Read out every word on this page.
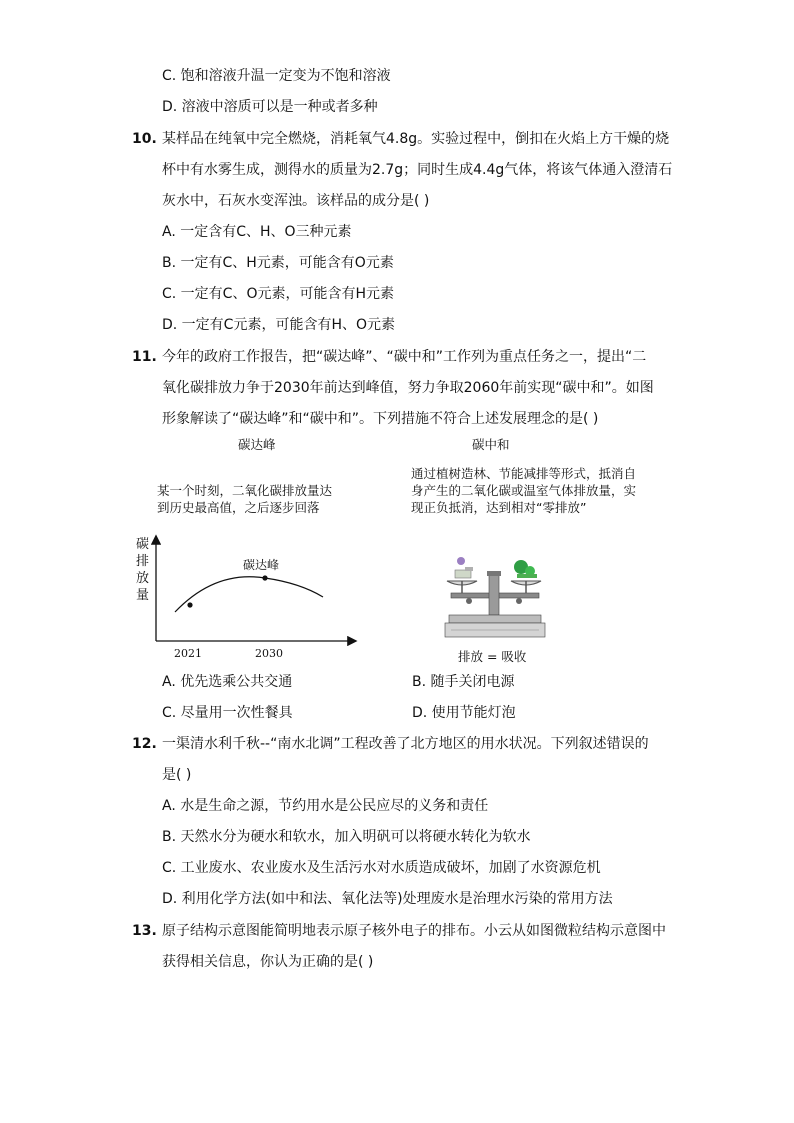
C. 饱和溶液升温一定变为不饱和溶液
D. 溶液中溶质可以是一种或者多种
10. 某样品在纯氧中完全燃烧，消耗氧气4.8g。实验过程中，倒扣在火焰上方干燥的烧
杯中有水雾生成，测得水的质量为2.7g；同时生成4.4g气体，将该气体通入澄清石
灰水中，石灰水变浑浊。该样品的成分是( )
A. 一定含有C、H、O三种元素
B. 一定有C、H元素，可能含有O元素
C. 一定有C、O元素，可能含有H元素
D. 一定有C元素，可能含有H、O元素
11. 今年的政府工作报告，把“碳达峰”、“碳中和”工作列为重点任务之一，提出“二
氧化碳排放力争于2030年前达到峰值，努力争取2060年前实现“碳中和”。如图
形象解读了“碳达峰”和“碳中和”。下列措施不符合上述发展理念的是( )
碳达峰
某一个时刻，二氧化碳排放量达
到历史最高值，之后逐步回落
碳
排
放
量
碳达峰
2021	2030
碳中和
通过植树造林、节能减排等形式，抵消自
身产生的二氧化碳或温室气体排放量，实
现正负抵消，达到相对“零排放”
排放 = 吸收
A. 优先选乘公共交通	B. 随手关闭电源
C. 尽量用一次性餐具	D. 使用节能灯泡
12. 一渠清水利千秋--“南水北调”工程改善了北方地区的用水状况。下列叙述错误的
是( )
A. 水是生命之源，节约用水是公民应尽的义务和责任
B. 天然水分为硬水和软水，加入明矾可以将硬水转化为软水
C. 工业废水、农业废水及生活污水对水质造成破坏，加剧了水资源危机
D. 利用化学方法(如中和法、氧化法等)处理废水是治理水污染的常用方法
13. 原子结构示意图能简明地表示原子核外电子的排布。小云从如图微粒结构示意图中
获得相关信息，你认为正确的是( )
